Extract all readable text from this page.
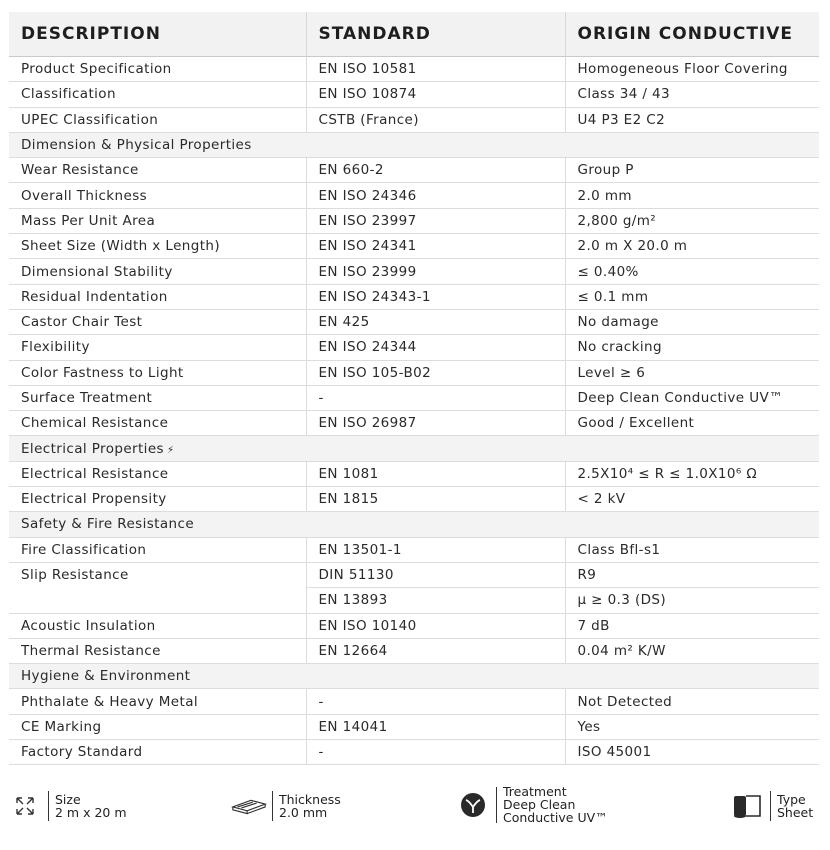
DESCRIPTION	STANDARD	ORIGIN CONDUCTIVE
Product Specification	EN ISO 10581	Homogeneous Floor Covering
Classification	EN ISO 10874	Class 34 / 43
UPEC Classification	CSTB (France)	U4 P3 E2 C2
Dimension & Physical Properties		
Wear Resistance	EN 660-2	Group P
Overall Thickness	EN ISO 24346	2.0 mm
Mass Per Unit Area	EN ISO 23997	2,800 g/m²
Sheet Size (Width x Length)	EN ISO 24341	2.0 m X 20.0 m
Dimensional Stability	EN ISO 23999	≤ 0.40%
Residual Indentation	EN ISO 24343-1	≤ 0.1 mm
Castor Chair Test	EN 425	No damage
Flexibility	EN ISO 24344	No cracking
Color Fastness to Light	EN ISO 105-B02	Level ≥ 6
Surface Treatment	-	Deep Clean Conductive UV™
Chemical Resistance	EN ISO 26987	Good / Excellent
Electrical Properties ⚡		
Electrical Resistance	EN 1081	2.5X10⁴ ≤ R ≤ 1.0X10⁶ Ω
Electrical Propensity	EN 1815	< 2 kV
Safety & Fire Resistance		
Fire Classification	EN 13501-1	Class Bfl-s1
Slip Resistance	DIN 51130	R9
	EN 13893	μ ≥ 0.3 (DS)
Acoustic Insulation	EN ISO 10140	7 dB
Thermal Resistance	EN 12664	0.04 m² K/W
Hygiene & Environment		
Phthalate & Heavy Metal	-	Not Detected
CE Marking	EN 14041	Yes
Factory Standard	-	ISO 45001
Size
2 m x 20 m
Thickness
2.0 mm
Treatment
Deep Clean
Conductive UV™
Type
Sheet
